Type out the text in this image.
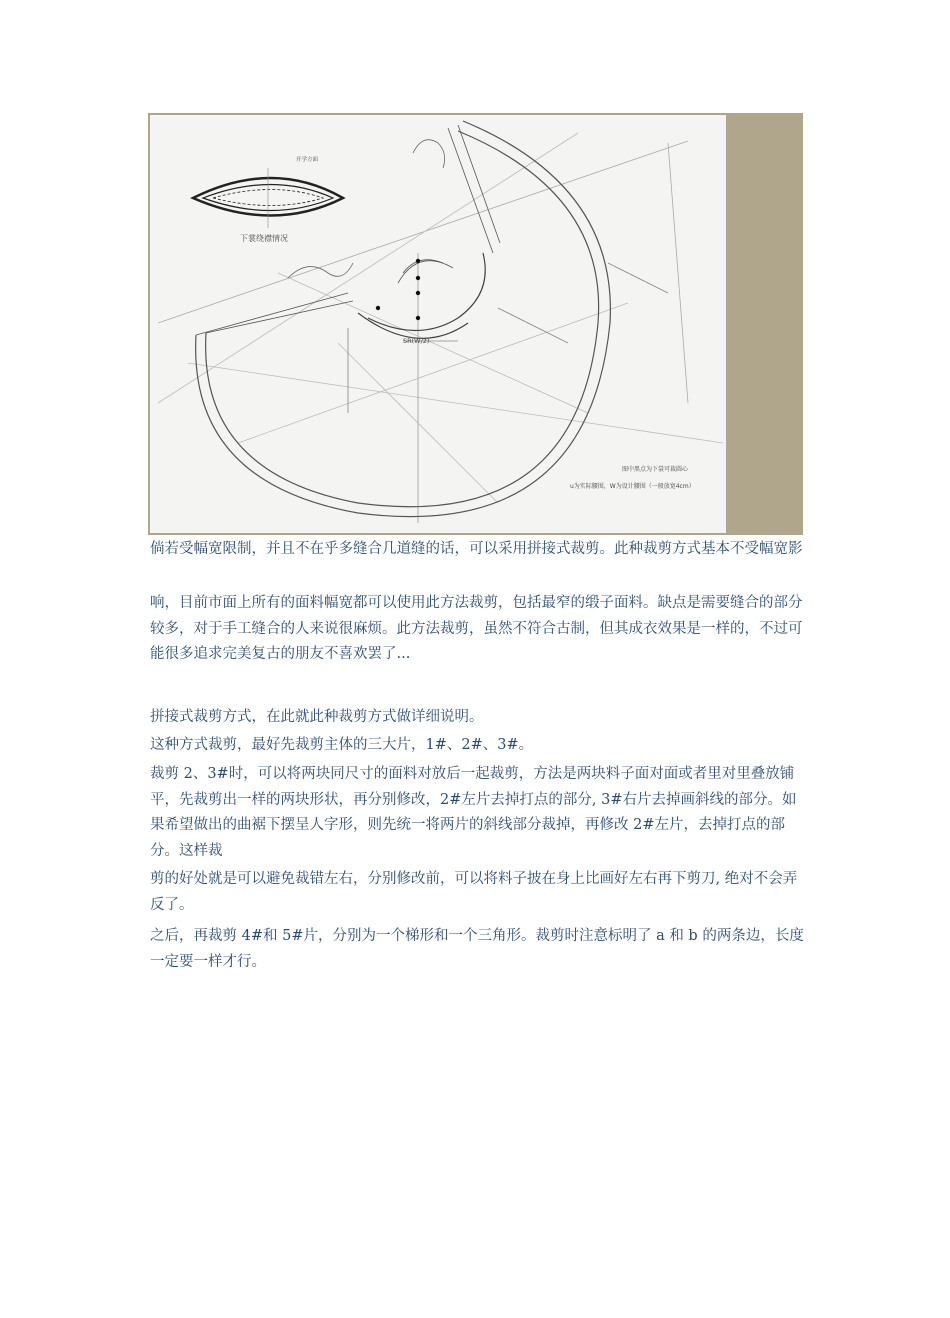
下裳绕襟情况
开学方面
SR(W/2)
图中黑点为下裳可裁圆心
u为实际腰围，W为设计腰围（一般放宽4cm）

倘若受幅宽限制，并且不在乎多缝合几道缝的话，可以采用拼接式裁剪。此种裁剪方式基本不受幅宽影

响，目前市面上所有的面料幅宽都可以使用此方法裁剪，包括最窄的缎子面料。缺点是需要缝合的部分较多，对于手工缝合的人来说很麻烦。此方法裁剪，虽然不符合古制，但其成衣效果是一样的，不过可能很多追求完美复古的朋友不喜欢罢了...

拼接式裁剪方式，在此就此种裁剪方式做详细说明。

这种方式裁剪，最好先裁剪主体的三大片，1#、2#、3#。

裁剪 2、3#时，可以将两块同尺寸的面料对放后一起裁剪，方法是两块料子面对面或者里对里叠放铺平，先裁剪出一样的两块形状，再分别修改，2#左片去掉打点的部分, 3#右片去掉画斜线的部分。如果希望做出的曲裾下摆呈人字形，则先统一将两片的斜线部分裁掉，再修改 2#左片，去掉打点的部分。这样裁

剪的好处就是可以避免裁错左右，分别修改前，可以将料子披在身上比画好左右再下剪刀, 绝对不会弄反了。

之后，再裁剪 4#和 5#片，分别为一个梯形和一个三角形。裁剪时注意标明了 a 和 b 的两条边，长度一定要一样才行。
